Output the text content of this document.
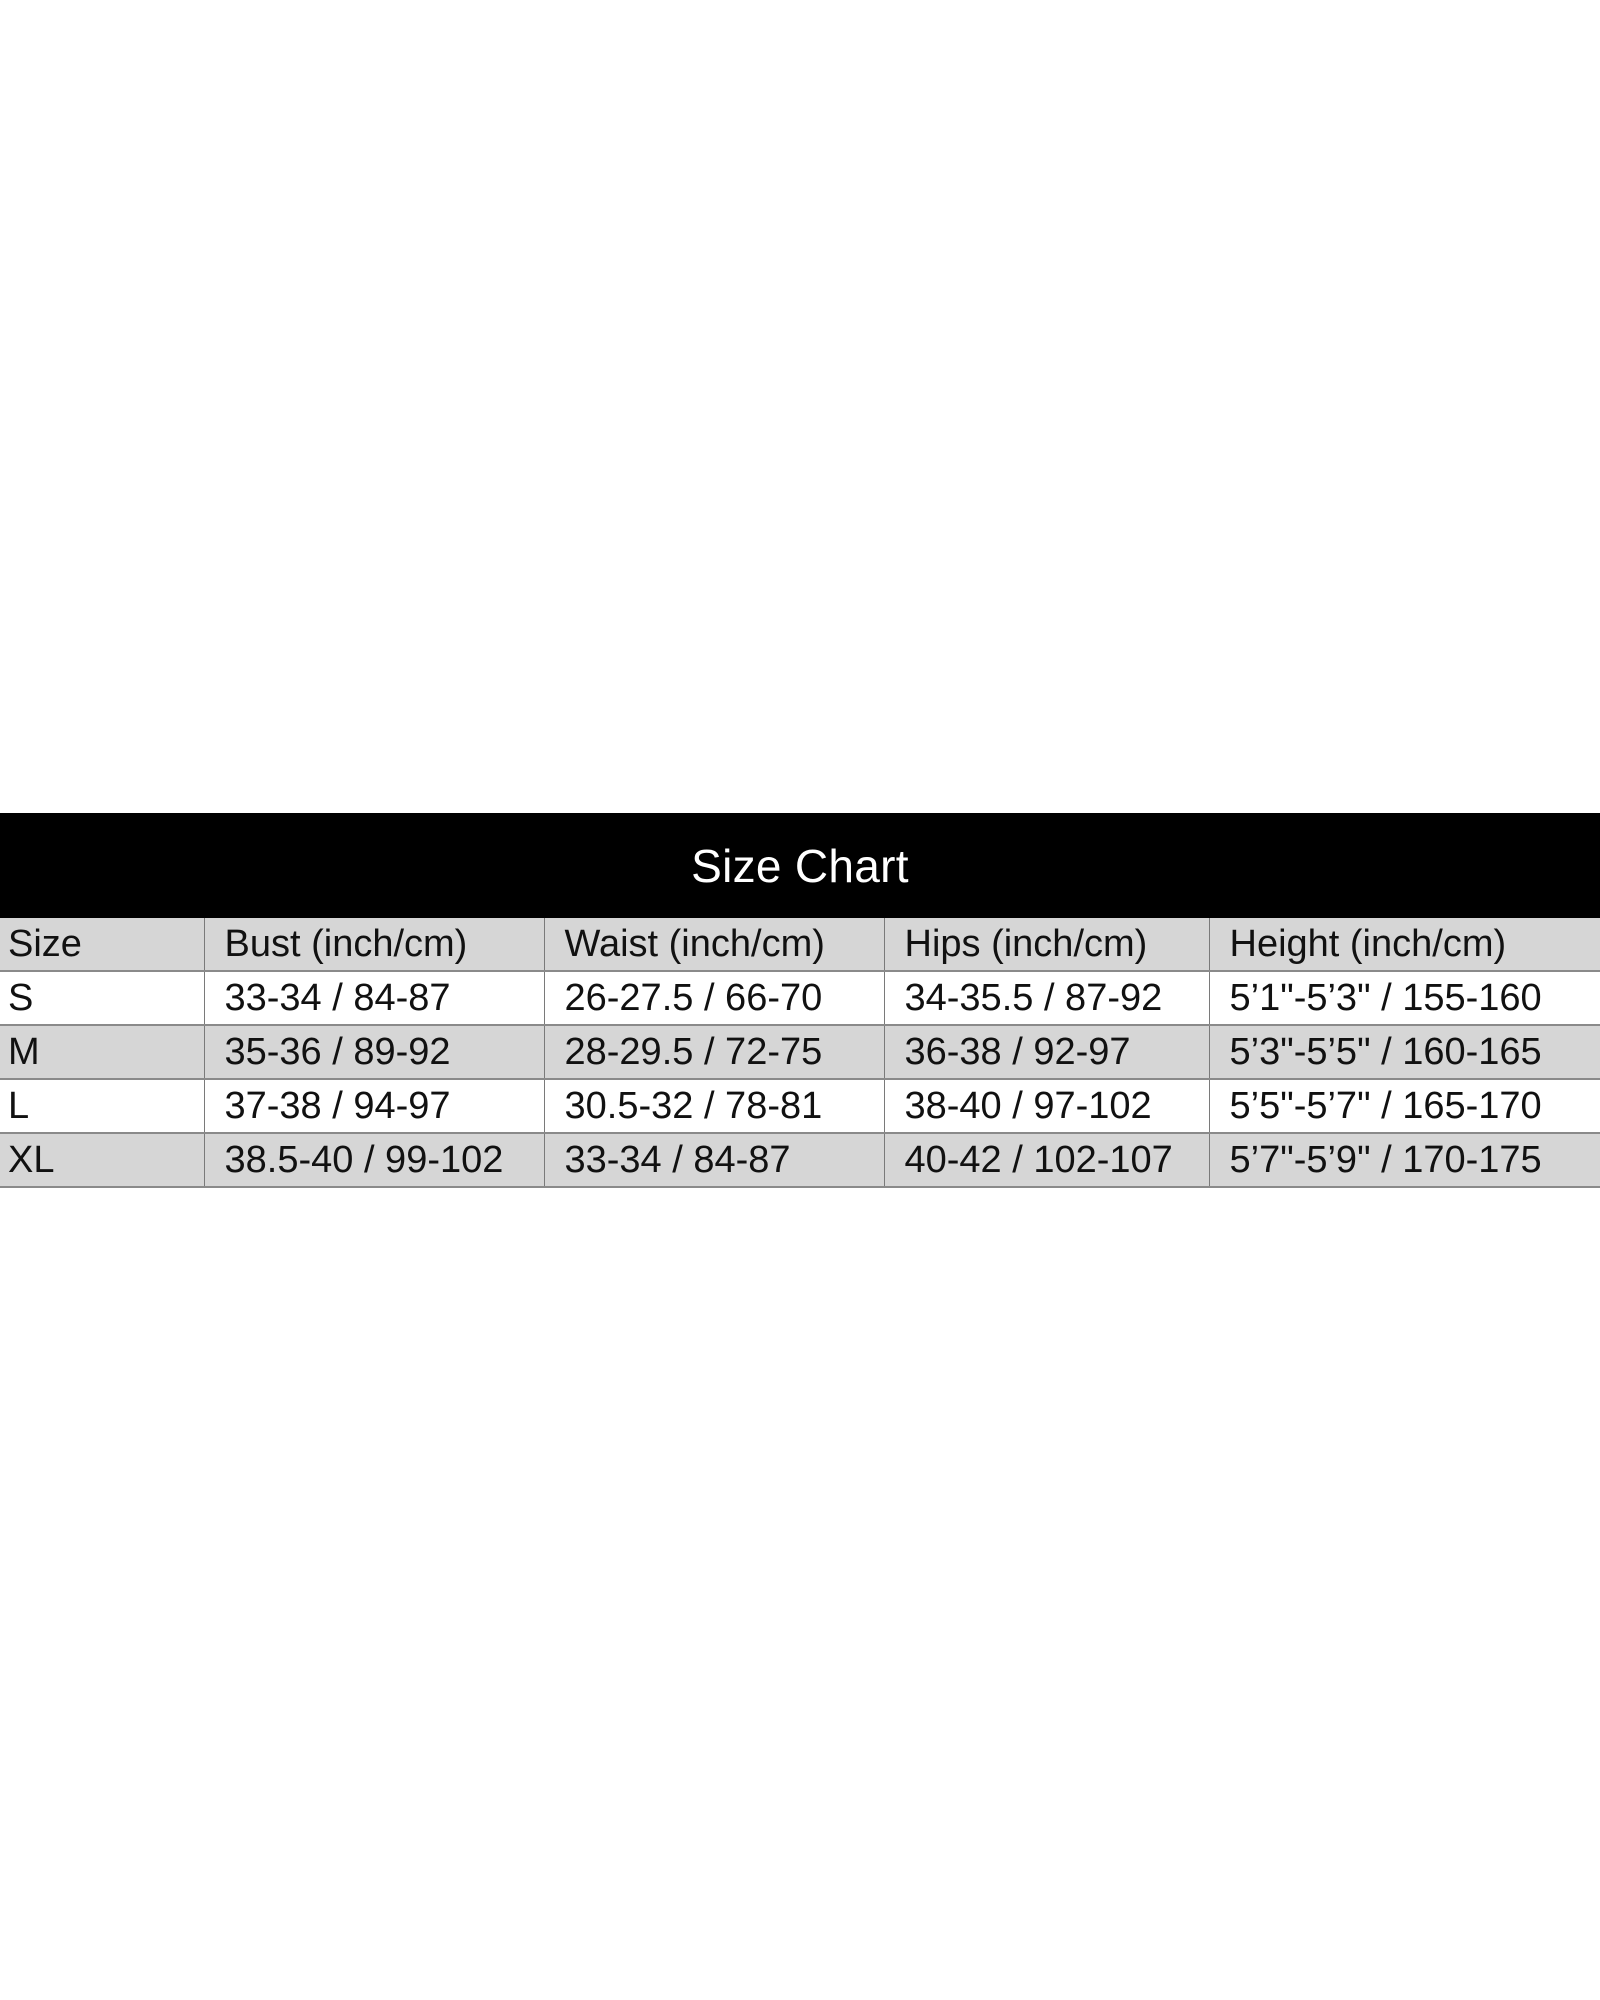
Size Chart
Size	Bust (inch/cm)	Waist (inch/cm)	Hips (inch/cm)	Height (inch/cm)
S	33-34 / 84-87	26-27.5 / 66-70	34-35.5 / 87-92	5’1"-5’3" / 155-160
M	35-36 / 89-92	28-29.5 / 72-75	36-38 / 92-97	5’3"-5’5" / 160-165
L	37-38 / 94-97	30.5-32 / 78-81	38-40 / 97-102	5’5"-5’7" / 165-170
XL	38.5-40 / 99-102	33-34 / 84-87	40-42 / 102-107	5’7"-5’9" / 170-175
